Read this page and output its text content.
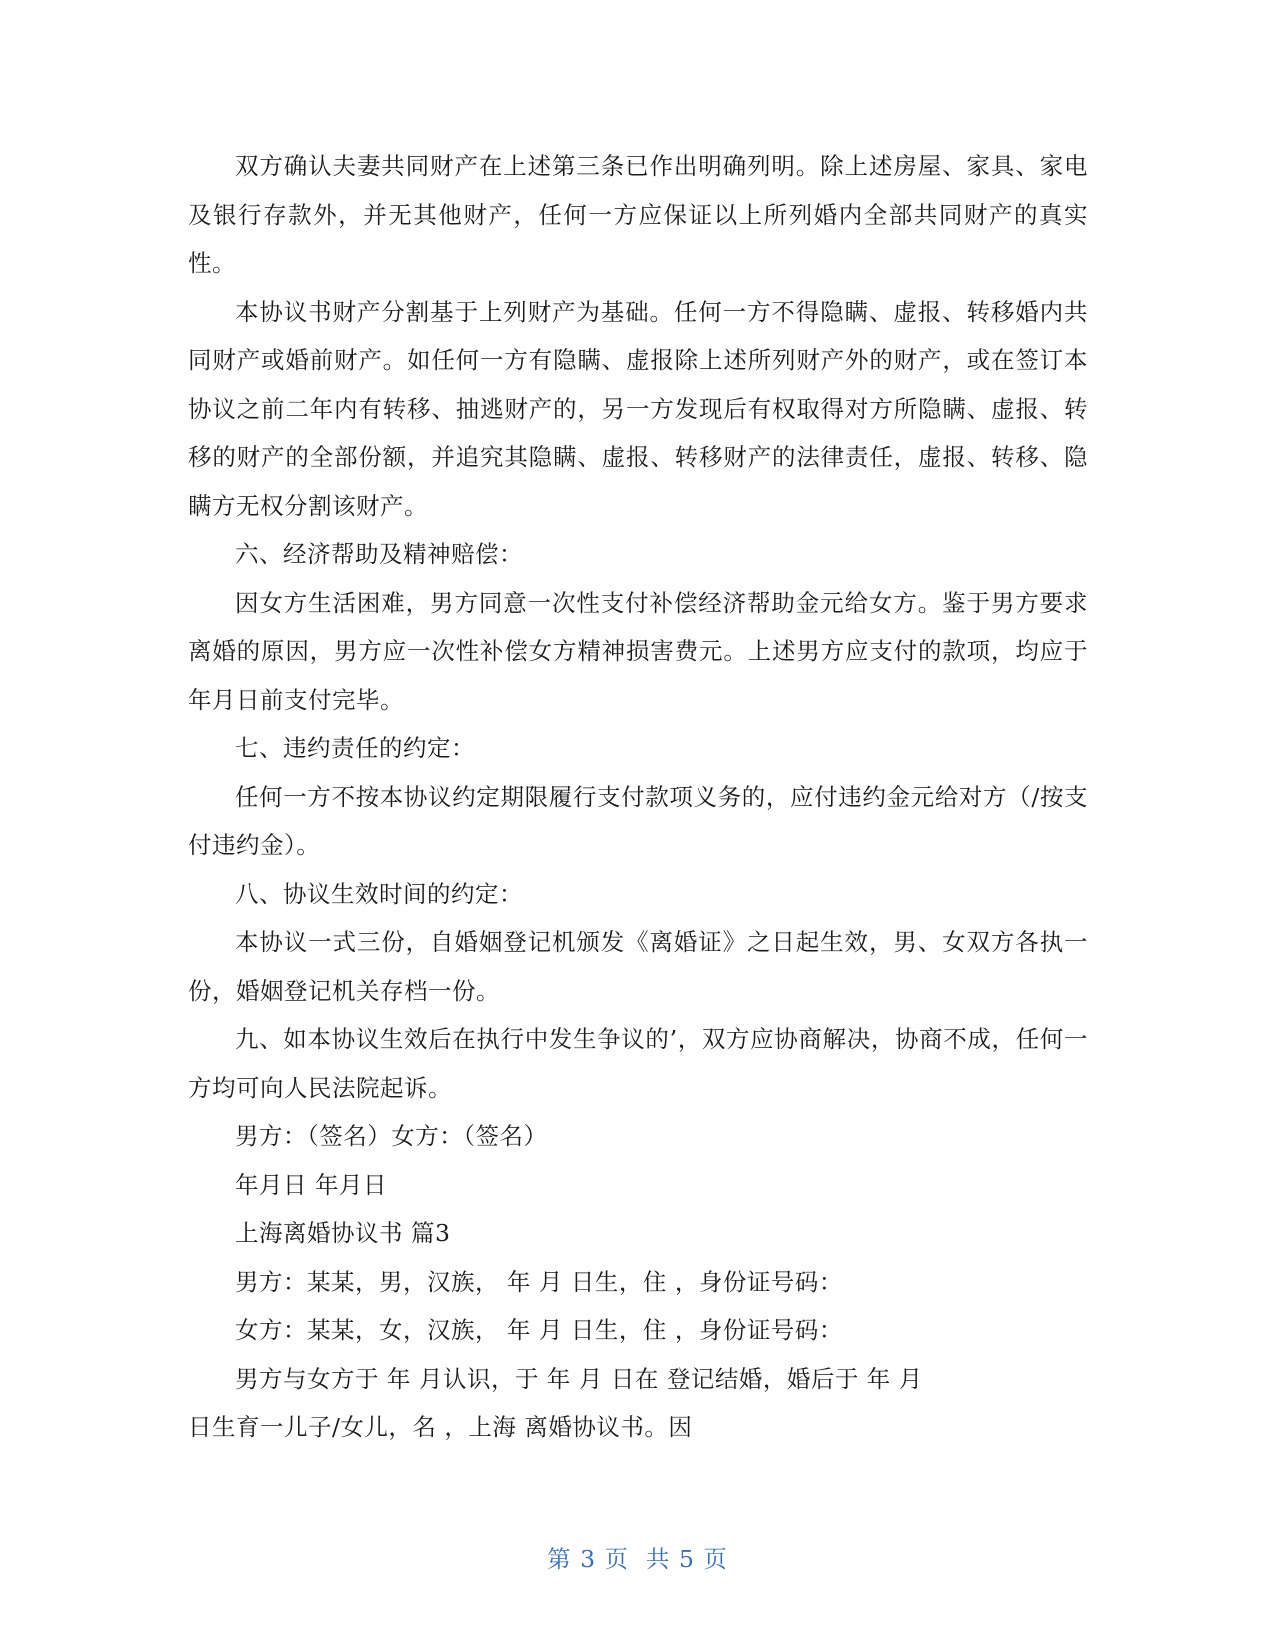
双方确认夫妻共同财产在上述第三条已作出明确列明。除上述房屋、家具、家电及银行存款外，并无其他财产，任何一方应保证以上所列婚内全部共同财产的真实性。

本协议书财产分割基于上列财产为基础。任何一方不得隐瞒、虚报、转移婚内共同财产或婚前财产。如任何一方有隐瞒、虚报除上述所列财产外的财产，或在签订本协议之前二年内有转移、抽逃财产的，另一方发现后有权取得对方所隐瞒、虚报、转移的财产的全部份额，并追究其隐瞒、虚报、转移财产的法律责任，虚报、转移、隐瞒方无权分割该财产。

六、经济帮助及精神赔偿：

因女方生活困难，男方同意一次性支付补偿经济帮助金元给女方。鉴于男方要求离婚的原因，男方应一次性补偿女方精神损害费元。上述男方应支付的款项，均应于年月日前支付完毕。

七、违约责任的约定：

任何一方不按本协议约定期限履行支付款项义务的，应付违约金元给对方（/按支付违约金）。

八、协议生效时间的约定：

本协议一式三份，自婚姻登记机颁发《离婚证》之日起生效，男、女双方各执一份，婚姻登记机关存档一份。

九、如本协议生效后在执行中发生争议的’，双方应协商解决，协商不成，任何一方均可向人民法院起诉。

男方：（签名）女方：（签名）

年月日 年月日

上海离婚协议书 篇3

男方：某某，男，汉族， 年 月 日生，住 ，身份证号码：

女方：某某，女，汉族， 年 月 日生，住 ，身份证号码：

男方与女方于 年 月认识，于 年 月 日在 登记结婚，婚后于 年 月

日生育一儿子/女儿，名 ，上海 离婚协议书。因

第 3 页  共 5 页
